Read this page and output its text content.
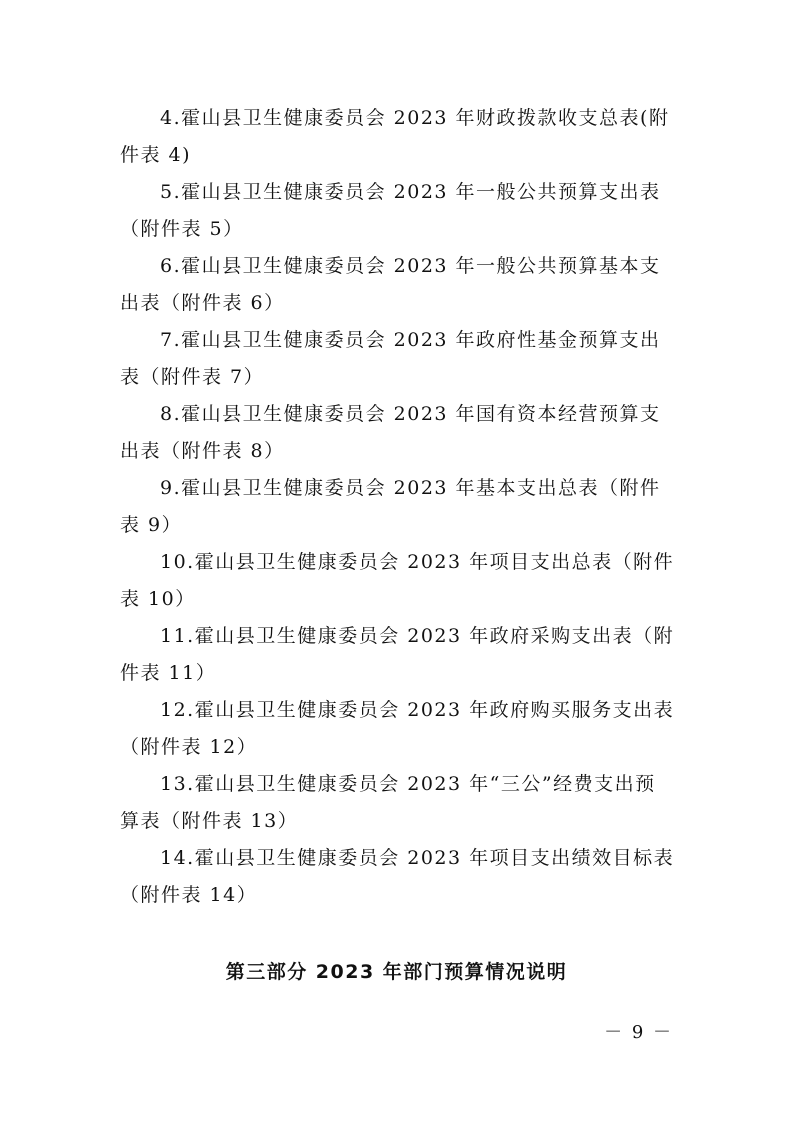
4.霍山县卫生健康委员会 2023 年财政拨款收支总表(附
件表 4)

5.霍山县卫生健康委员会 2023 年一般公共预算支出表
（附件表 5）

6.霍山县卫生健康委员会 2023 年一般公共预算基本支
出表（附件表 6）

7.霍山县卫生健康委员会 2023 年政府性基金预算支出
表（附件表 7）

8.霍山县卫生健康委员会 2023 年国有资本经营预算支
出表（附件表 8）

9.霍山县卫生健康委员会 2023 年基本支出总表（附件
表 9）

10.霍山县卫生健康委员会 2023 年项目支出总表（附件
表 10）

11.霍山县卫生健康委员会 2023 年政府采购支出表（附
件表 11）

12.霍山县卫生健康委员会 2023 年政府购买服务支出表
（附件表 12）

13.霍山县卫生健康委员会 2023 年“三公”经费支出预
算表（附件表 13）

14.霍山县卫生健康委员会 2023 年项目支出绩效目标表
（附件表 14）

第三部分 2023 年部门预算情况说明
－ 9 －
